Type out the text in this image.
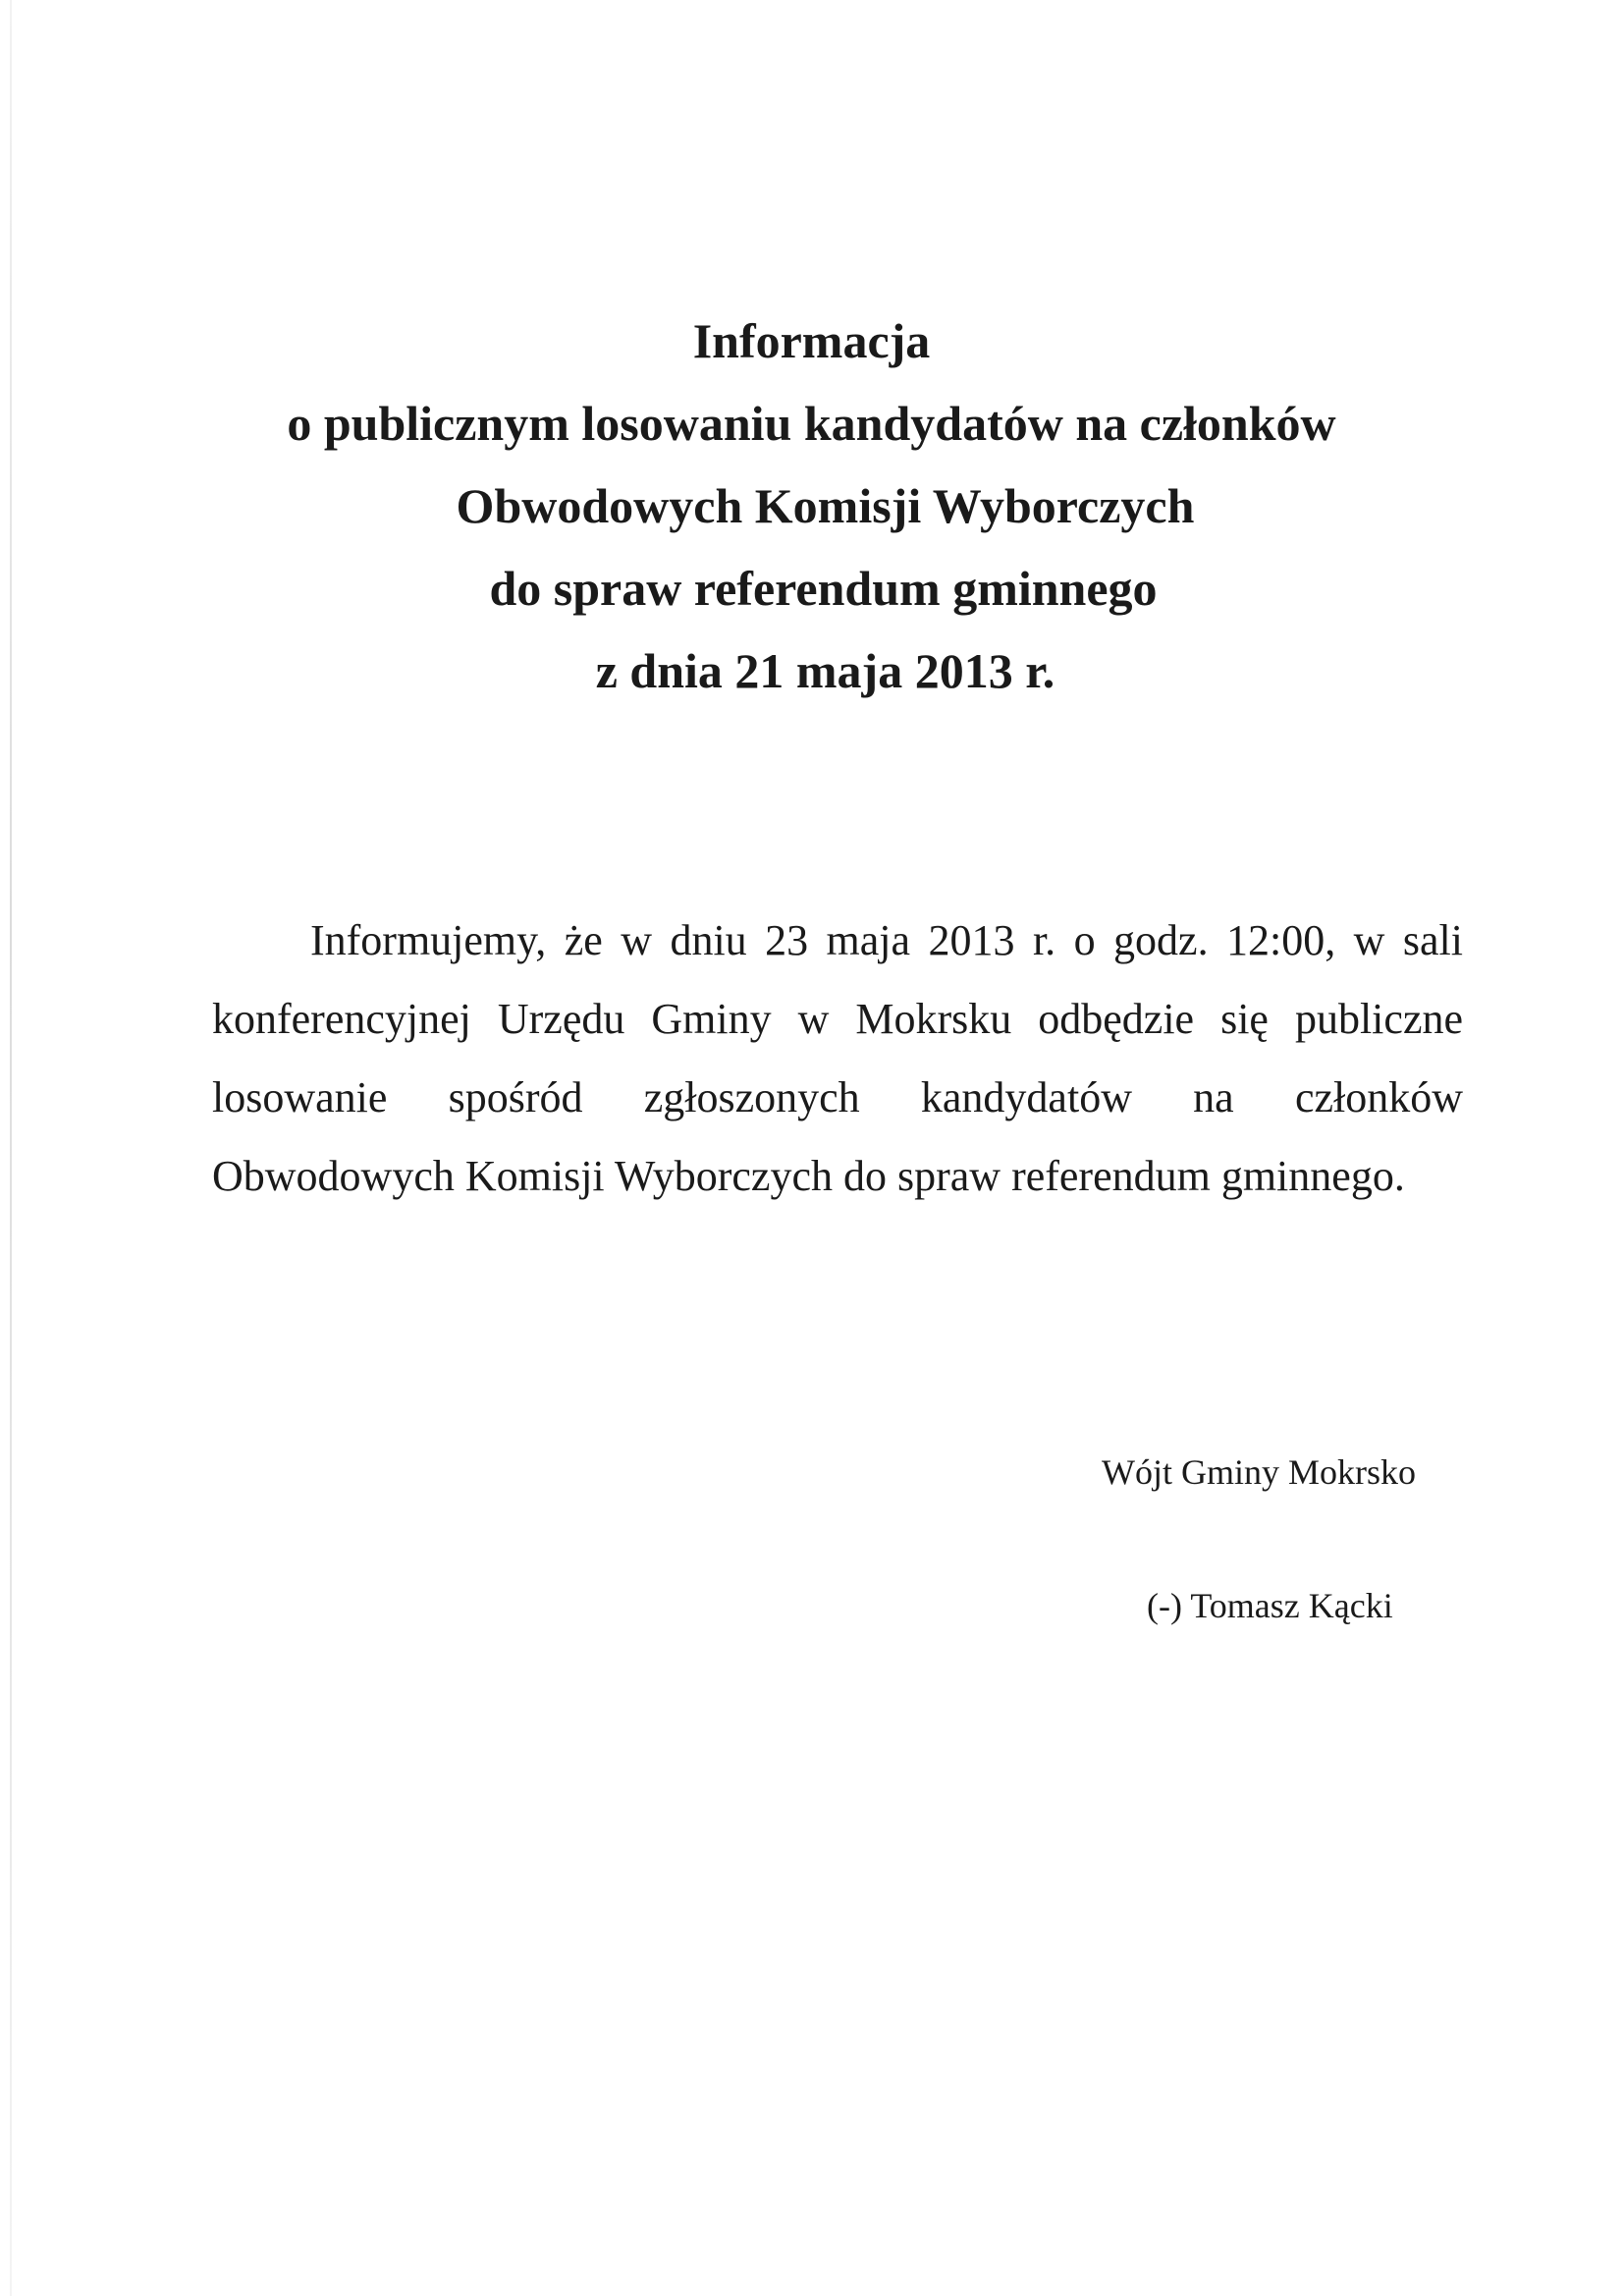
Informacja
o publicznym losowaniu kandydatów na członków
Obwodowych Komisji Wyborczych
do spraw referendum gminnego
z dnia 21 maja 2013 r.
Informujemy, że w dniu 23 maja 2013 r. o godz. 12:00, w sali
konferencyjnej Urzędu Gminy w Mokrsku odbędzie się publiczne
losowanie spośród zgłoszonych kandydatów na członków
Obwodowych Komisji Wyborczych do spraw referendum gminnego.
Wójt Gminy Mokrsko
(-) Tomasz Kącki
